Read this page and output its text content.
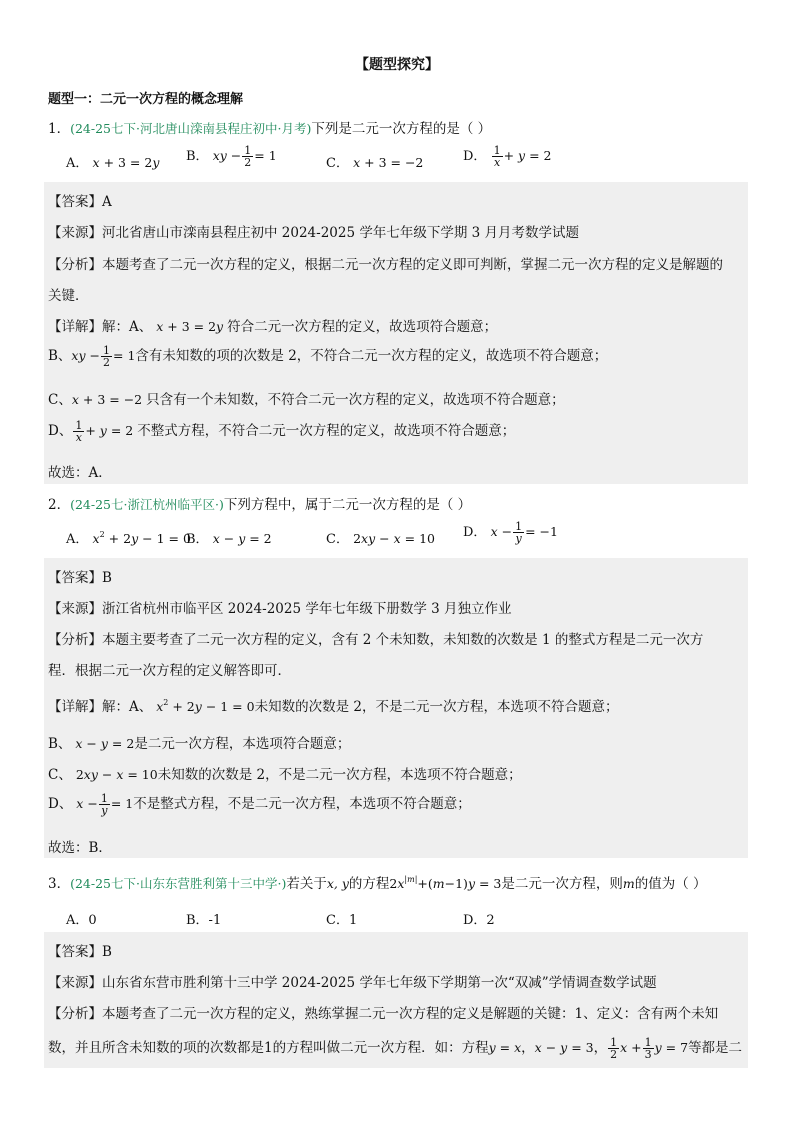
【题型探究】
题型一：二元一次方程的概念理解
1．(24-25七下·河北唐山滦南县程庄初中·月考)下列是二元一次方程的是（ ）
A． x + 3 = 2y B． xy − $\frac{1}{2} = 1$
C． x + 3 = −2	D． $\frac{1}{x} + y = 2$
【答案】A
【来源】河北省唐山市滦南县程庄初中 2024-2025 学年七年级下学期 3 月月考数学试题
【分析】本题考查了二元一次方程的定义，根据二元一次方程的定义即可判断，掌握二元一次方程的定义是解题的
关键．
【详解】解：A、 x + 3 = 2y 符合二元一次方程的定义，故选项符合题意；
B、xy − $\frac{1}{2} = 1$含有未知数的项的次数是 2，不符合二元一次方程的定义，故选项不符合题意；
C、x + 3 = −2 只含有一个未知数，不符合二元一次方程的定义，故选项不符合题意；
D、 $\frac{1}{x} + y = 2$ 不整式方程，不符合二元一次方程的定义，故选项不符合题意；
故选：A．
2．(24-25七·浙江杭州临平区·)下列方程中，属于二元一次方程的是（ ）
A． $x^2 + 2y - 1 = 0$
B． x − y = 2	C． 2xy − x = 10 D． $x - \frac{1}{y} = -1$
【答案】B
【来源】浙江省杭州市临平区 2024-2025 学年七年级下册数学 3 月独立作业
【分析】本题主要考查了二元一次方程的定义，含有 2 个未知数，未知数的次数是 1 的整式方程是二元一次方
程．根据二元一次方程的定义解答即可．
【详解】解：A、 $x^2 + 2y - 1 = 0$未知数的次数是 2，不是二元一次方程，本选项不符合题意；
B、 x − y = 2是二元一次方程，本选项符合题意；
C、 2xy − x = 10未知数的次数是 2，不是二元一次方程，本选项不符合题意；
D、 $x - \frac{1}{y} = 1$不是整式方程，不是二元一次方程，本选项不符合题意；
故选：B．
3．(24-25七下·山东东营胜利第十三中学·)若关于x, y的方程$2x^{|m|}+(m-1)y = 3$是二元一次方程，则m的值为（ ）
A．0	B．-1	C．1	D．2
【答案】B
【来源】山东省东营市胜利第十三中学 2024-2025 学年七年级下学期第一次“双减”学情调查数学试题
【分析】本题考查了二元一次方程的定义，熟练掌握二元一次方程的定义是解题的关键：1、定义：含有两个未知
数，并且所含未知数的项的次数都是1的方程叫做二元一次方程．如：方程y = x，x − y = 3， $\frac{1}{2}$ $x + \frac{1}{3}$ y = 7等都是二
